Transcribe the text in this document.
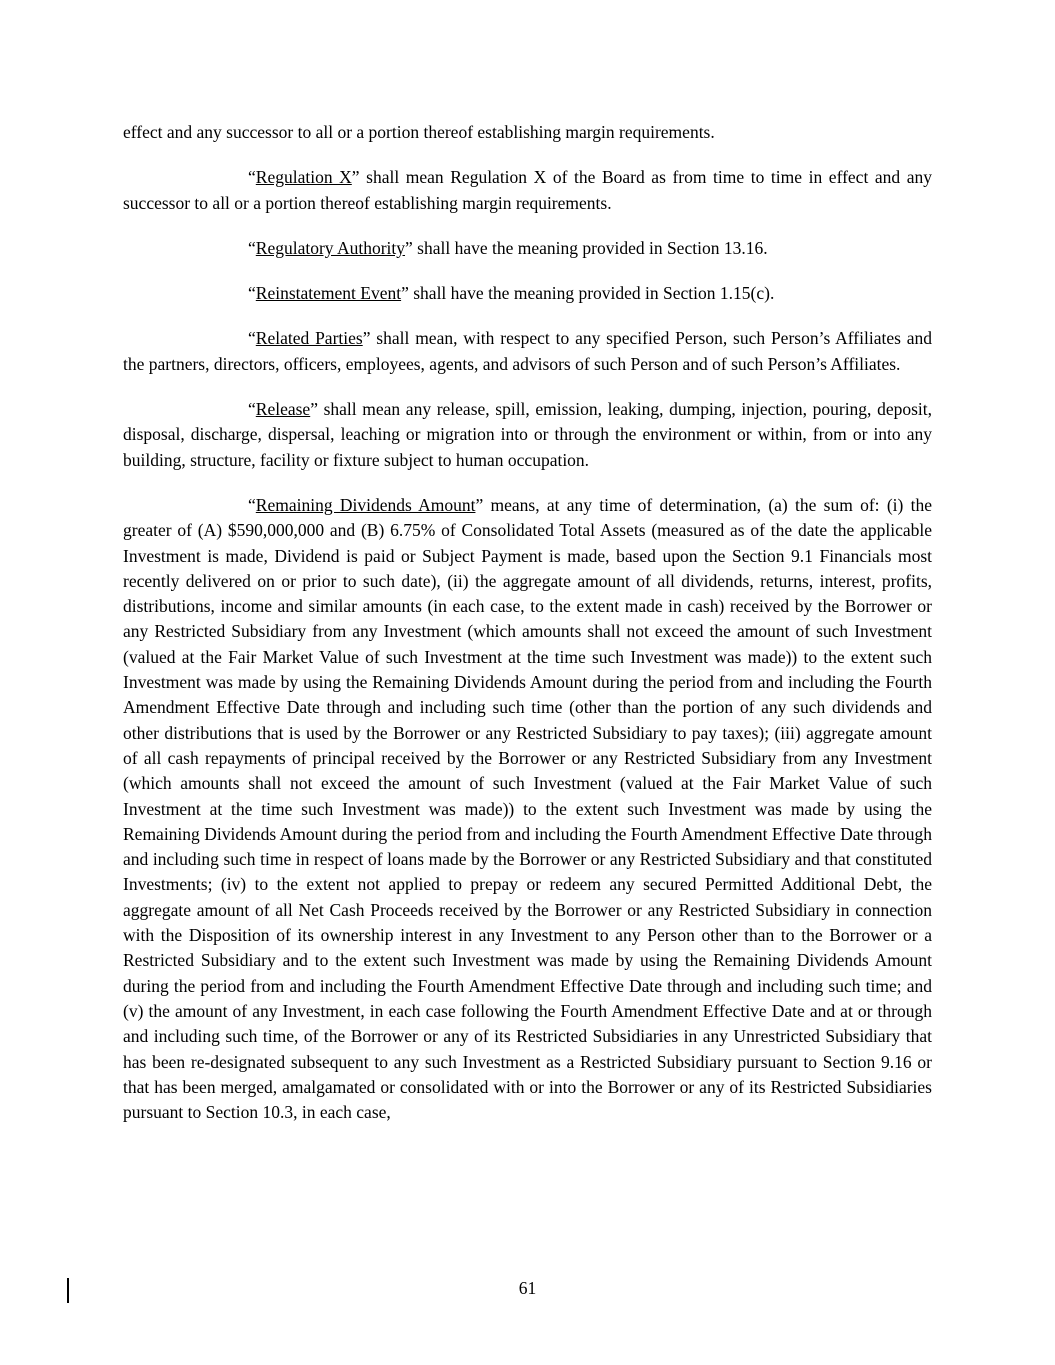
effect and any successor to all or a portion thereof establishing margin requirements.

“Regulation X” shall mean Regulation X of the Board as from time to time in effect and any successor to all or a portion thereof establishing margin requirements.

“Regulatory Authority” shall have the meaning provided in Section 13.16.

“Reinstatement Event” shall have the meaning provided in Section 1.15(c).

“Related Parties” shall mean, with respect to any specified Person, such Person’s Affiliates and the partners, directors, officers, employees, agents, and advisors of such Person and of such Person’s Affiliates.

“Release” shall mean any release, spill, emission, leaking, dumping, injection, pouring, deposit, disposal, discharge, dispersal, leaching or migration into or through the environment or within, from or into any building, structure, facility or fixture subject to human occupation.

“Remaining Dividends Amount” means, at any time of determination, (a) the sum of: (i) the greater of (A) $590,000,000 and (B) 6.75% of Consolidated Total Assets (measured as of the date the applicable Investment is made, Dividend is paid or Subject Payment is made, based upon the Section 9.1 Financials most recently delivered on or prior to such date), (ii) the aggregate amount of all dividends, returns, interest, profits, distributions, income and similar amounts (in each case, to the extent made in cash) received by the Borrower or any Restricted Subsidiary from any Investment (which amounts shall not exceed the amount of such Investment (valued at the Fair Market Value of such Investment at the time such Investment was made)) to the extent such Investment was made by using the Remaining Dividends Amount during the period from and including the Fourth Amendment Effective Date through and including such time (other than the portion of any such dividends and other distributions that is used by the Borrower or any Restricted Subsidiary to pay taxes); (iii) aggregate amount of all cash repayments of principal received by the Borrower or any Restricted Subsidiary from any Investment (which amounts shall not exceed the amount of such Investment (valued at the Fair Market Value of such Investment at the time such Investment was made)) to the extent such Investment was made by using the Remaining Dividends Amount during the period from and including the Fourth Amendment Effective Date through and including such time in respect of loans made by the Borrower or any Restricted Subsidiary and that constituted Investments; (iv) to the extent not applied to prepay or redeem any secured Permitted Additional Debt, the aggregate amount of all Net Cash Proceeds received by the Borrower or any Restricted Subsidiary in connection with the Disposition of its ownership interest in any Investment to any Person other than to the Borrower or a Restricted Subsidiary and to the extent such Investment was made by using the Remaining Dividends Amount during the period from and including the Fourth Amendment Effective Date through and including such time; and (v) the amount of any Investment, in each case following the Fourth Amendment Effective Date and at or through and including such time, of the Borrower or any of its Restricted Subsidiaries in any Unrestricted Subsidiary that has been re-designated subsequent to any such Investment as a Restricted Subsidiary pursuant to Section 9.16 or that has been merged, amalgamated or consolidated with or into the Borrower or any of its Restricted Subsidiaries pursuant to Section 10.3, in each case,

61
